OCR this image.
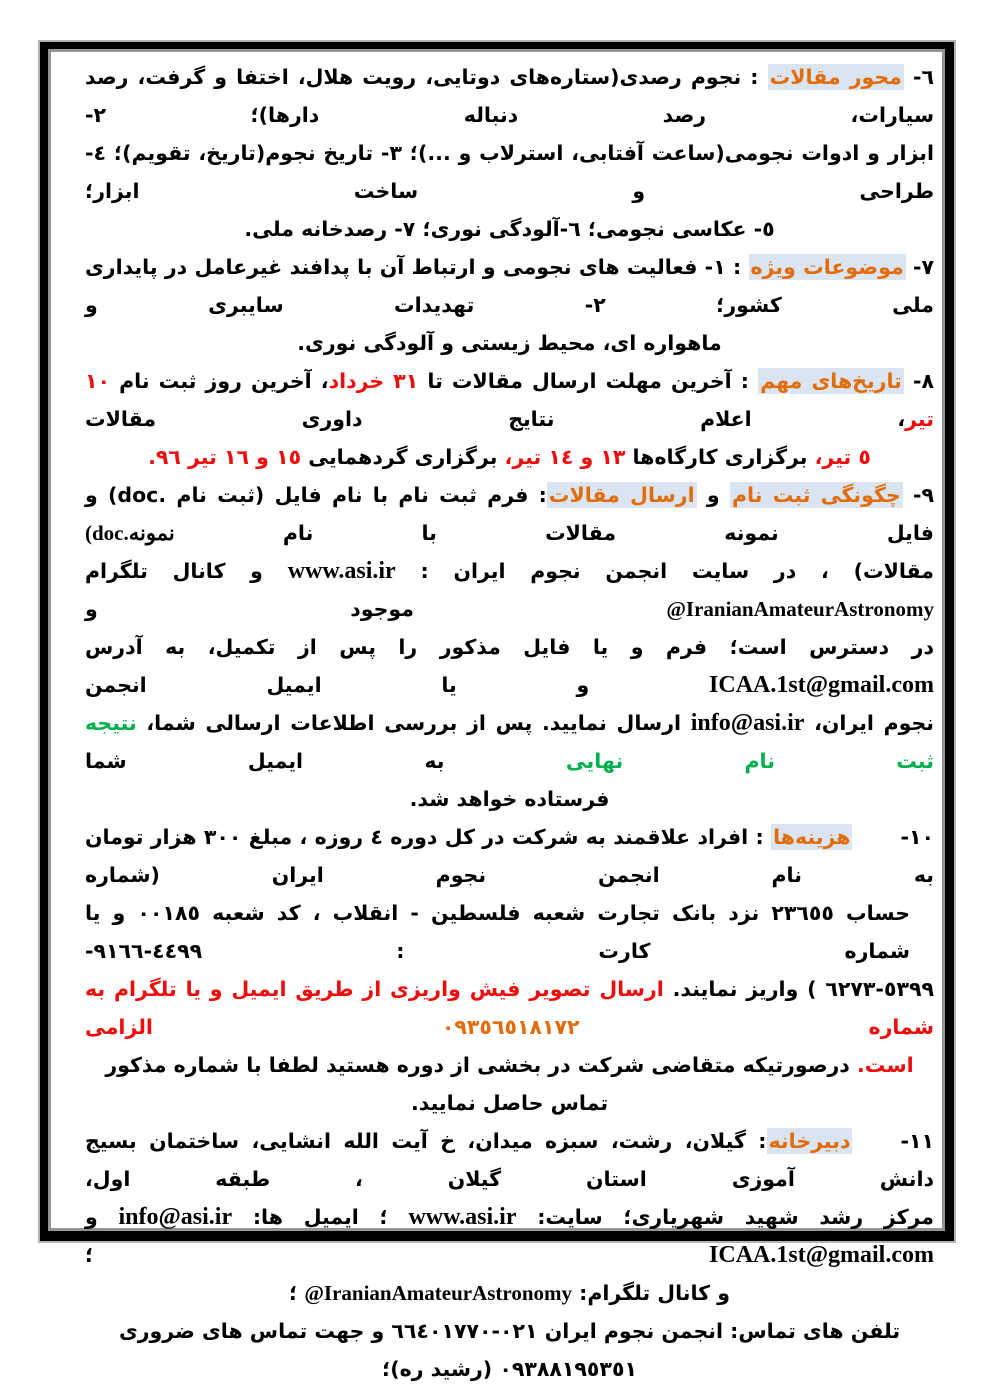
٦- محور مقالات : نجوم رصدی(ستاره‌های دوتایی، رویت هلال، اختفا و گرفت، رصد سیارات، رصد دنباله دارها)؛ ٢-
ابزار و ادوات نجومی(ساعت آفتابی، استرلاب و ...)؛ ٣- تاریخ نجوم(تاریخ، تقویم)؛ ٤- طراحی و ساخت ابزار؛
٥- عکاسی نجومی؛ ٦-آلودگی نوری؛ ٧- رصدخانه ملی.
٧- موضوعات ویژه : ١- فعالیت های نجومی و ارتباط آن با پدافند غیرعامل در پایداری ملی کشور؛ ٢- تهدیدات سایبری و
ماهواره ای، محیط زیستی و آلودگی نوری.
٨- تاریخ‌های مهم : آخرین مهلت ارسال مقالات تا ٣١ خرداد، آخرین روز ثبت نام ١٠ تیر، اعلام نتایج داوری مقالات
٥ تیر، برگزاری کارگاه‌ها ١٣ و ١٤ تیر، برگزاری گردهمایی ١٥ و ١٦ تیر ٩٦.
٩- چگونگی ثبت نام و ارسال مقالات: فرم ثبت نام با نام فایل (ثبت نام .doc) و فایل نمونه مقالات با نام (doc.نمونه
مقالات) ، در سایت انجمن نجوم ایران : www.asi.ir و کانال تلگرام @IranianAmateurAstronomy موجود و
در دسترس است؛ فرم و یا فایل مذکور را پس از تکمیل، به آدرس ICAA.1st@gmail.com و یا ایمیل انجمن
نجوم ایران، info@asi.ir ارسال نمایید. پس از بررسی اطلاعات ارسالی شما، نتیجه ثبت نام نهایی به ایمیل شما
فرستاده خواهد شد.
١٠-هزینه‌ها : افراد علاقمند به شرکت در کل دوره ٤ روزه ، مبلغ ٣٠٠ هزار تومان به نام انجمن نجوم ایران (شماره
حساب ٢٣٦٥٥ نزد بانک تجارت شعبه فلسطین - انقلاب ، کد شعبه ٠٠١٨٥ و یا شماره کارت : ٤٤٩٩-٩١٦٦-
٥٣٩٩-٦٢٧٣ ) واریز نمایند. ارسال تصویر فیش واریزی از طریق ایمیل و یا تلگرام به شماره ٠٩٣٥٦٥١٨١٧٢ الزامی
است. درصورتیکه متقاضی شرکت در بخشی از دوره هستید لطفا با شماره مذکور تماس حاصل نمایید.
١١-دبیرخانه: گیلان، رشت، سبزه میدان، خ آیت الله انشایی، ساختمان بسیج دانش آموزی استان گیلان ، طبقه اول،
مرکز رشد شهید شهریاری؛ سایت: www.asi.ir ؛ ایمیل ها: info@asi.ir و ICAA.1st@gmail.com ؛
و کانال تلگرام: @IranianAmateurAstronomy ؛
تلفن های تماس: انجمن نجوم ایران ٠٢١-٦٦٤٠١٧٧٠ و جهت تماس های ضروری ٠٩٣٨٨١٩٥٣٥١ (رشید ره)؛
